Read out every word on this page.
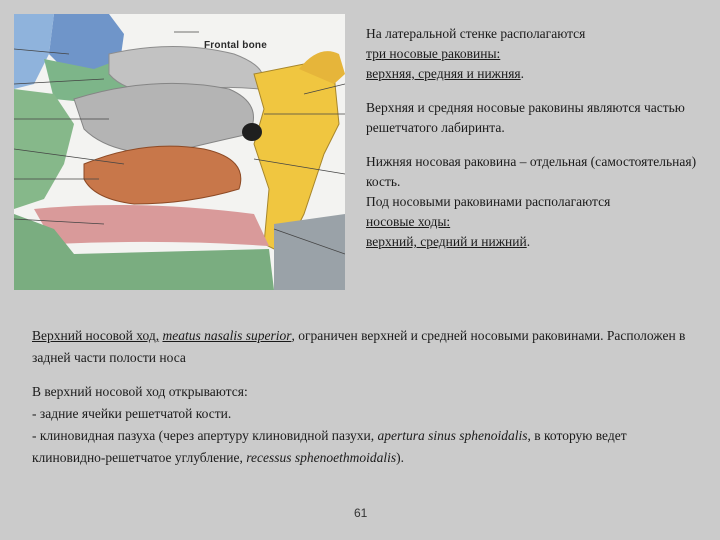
Frontal bone

На латеральной стенке располагаются
три носовые раковины:
верхняя, средняя и нижняя.

Верхняя и средняя носовые раковины являются частью решетчатого лабиринта.

Нижняя носовая раковина – отдельная (самостоятельная) кость.
Под носовыми раковинами располагаются
носовые ходы:
верхний, средний и нижний.

Верхний носовой ход, meatus nasalis superior, ограничен верхней и средней носовыми раковинами. Расположен в задней части полости носа

В верхний носовой ход открываются:
- задние ячейки решетчатой кости.
- клиновидная пазуха (через апертуру клиновидной пазухи, apertura sinus sphenoidalis, в которую ведет клиновидно-решетчатое углубление, recessus sphenoethmoidalis).

61
